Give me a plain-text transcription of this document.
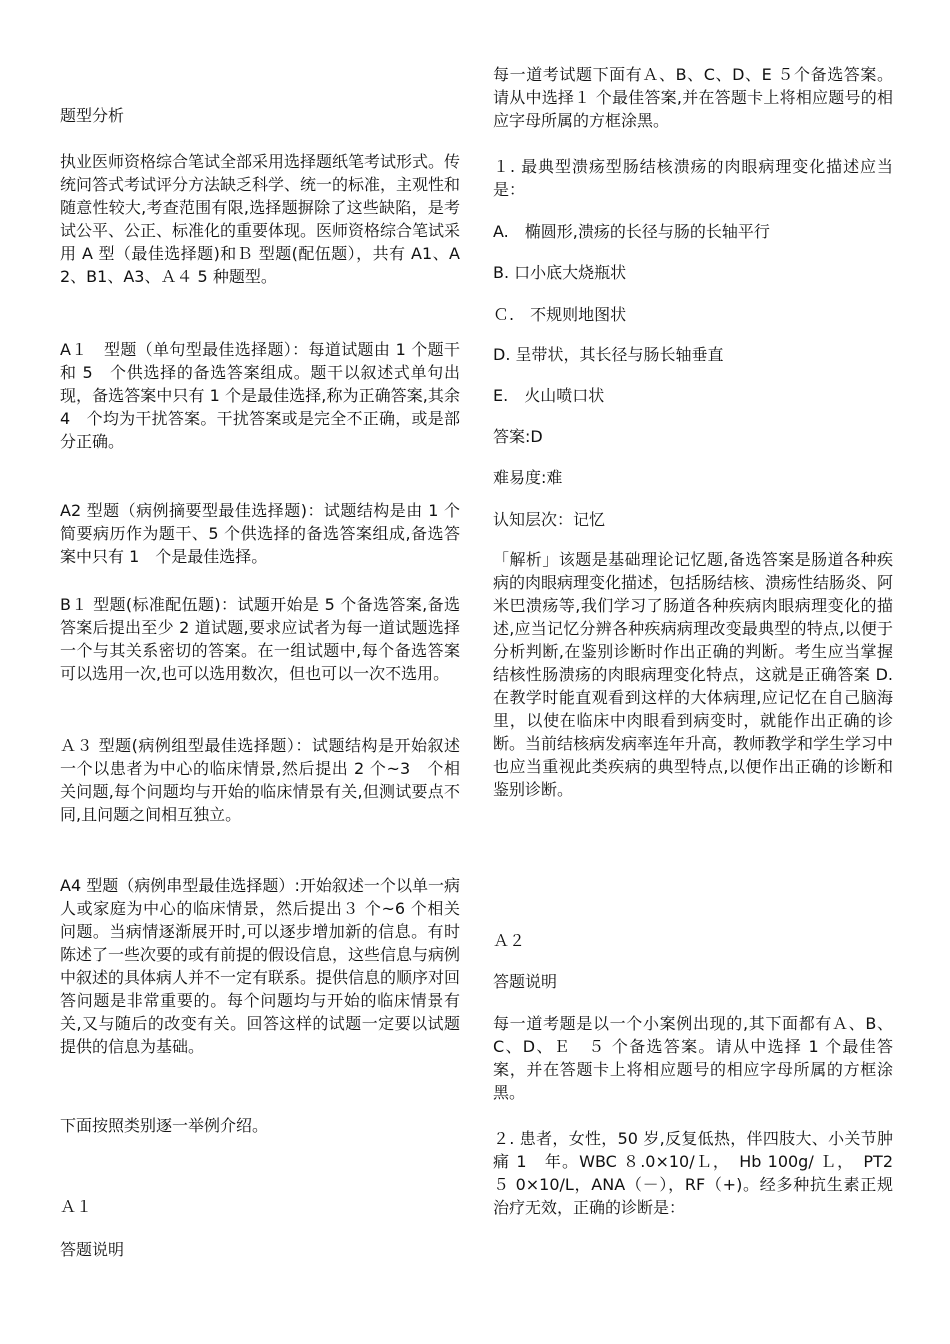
题型分析

执业医师资格综合笔试全部采用选择题纸笔考试形式。传统问答式考试评分方法缺乏科学、统一的标准，主观性和随意性较大,考查范围有限,选择题摒除了这些缺陷，是考试公平、公正、标准化的重要体现。医师资格综合笔试采用 A 型（最佳选择题)和Ｂ 型题(配伍题），共有 A1、A2、B1、A3、Ａ４ 5 种题型。

A１　型题（单句型最佳选择题）：每道试题由 1 个题干和 5　个供选择的备选答案组成。题干以叙述式单句出现，备选答案中只有 1 个是最佳选择,称为正确答案,其余 4　个均为干扰答案。干扰答案或是完全不正确，或是部分正确。

A2 型题（病例摘要型最佳选择题)：试题结构是由 1 个简要病历作为题干、5 个供选择的备选答案组成,备选答案中只有 1　个是最佳选择。

B１ 型题(标准配伍题)：试题开始是 5 个备选答案,备选答案后提出至少 2 道试题,要求应试者为每一道试题选择一个与其关系密切的答案。在一组试题中,每个备选答案可以选用一次,也可以选用数次，但也可以一次不选用。

Ａ３ 型题(病例组型最佳选择题）：试题结构是开始叙述一个以患者为中心的临床情景,然后提出 2 个~3　个相关问题,每个问题均与开始的临床情景有关,但测试要点不同,且问题之间相互独立。

A4 型题（病例串型最佳选择题）:开始叙述一个以单一病人或家庭为中心的临床情景，然后提出３ 个~6 个相关问题。当病情逐渐展开时,可以逐步增加新的信息。有时陈述了一些次要的或有前提的假设信息，这些信息与病例中叙述的具体病人并不一定有联系。提供信息的顺序对回答问题是非常重要的。每个问题均与开始的临床情景有关,又与随后的改变有关。回答这样的试题一定要以试题提供的信息为基础。

下面按照类别逐一举例介绍。

Ａ１

答题说明

每一道考试题下面有Ａ、B、C、D、E ５个备选答案。请从中选择１ 个最佳答案,并在答题卡上将相应题号的相应字母所属的方框涂黑。

１. 最典型溃疡型肠结核溃疡的肉眼病理变化描述应当是：

A.　椭圆形,溃疡的长径与肠的长轴平行

B. 口小底大烧瓶状

Ｃ.　不规则地图状

D. 呈带状，其长径与肠长轴垂直

E.　火山喷口状

答案:D

难易度:难

认知层次：记忆

「解析」该题是基础理论记忆题,备选答案是肠道各种疾病的肉眼病理变化描述，包括肠结核、溃疡性结肠炎、阿米巴溃疡等,我们学习了肠道各种疾病肉眼病理变化的描述,应当记忆分辨各种疾病病理改变最典型的特点,以便于分析判断,在鉴别诊断时作出正确的判断。考生应当掌握结核性肠溃疡的肉眼病理变化特点，这就是正确答案 D.在教学时能直观看到这样的大体病理,应记忆在自己脑海里，以使在临床中肉眼看到病变时，就能作出正确的诊断。当前结核病发病率连年升高，教师教学和学生学习中也应当重视此类疾病的典型特点,以便作出正确的诊断和鉴别诊断。

Ａ２

答题说明

每一道考题是以一个小案例出现的,其下面都有Ａ、B、C、D、Ｅ　５ 个备选答案。请从中选择 1 个最佳答案，并在答题卡上将相应题号的相应字母所属的方框涂黑。

２. 患者，女性，50 岁,反复低热，伴四肢大、小关节肿痛 1　年。WBC ８.0×10/Ｌ，　Hb 100g/ Ｌ，　PT2 ５ 0×10/L，ANA（－），RF（+)。经多种抗生素正规治疗无效，正确的诊断是：
